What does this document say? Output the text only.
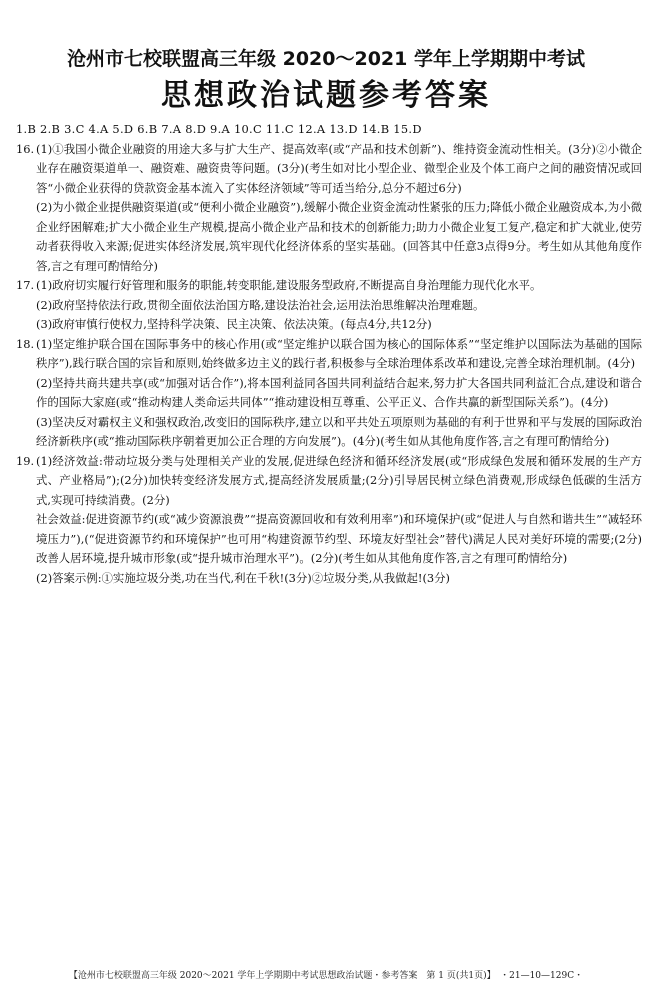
沧州市七校联盟高三年级 2020～2021 学年上学期期中考试
思想政治试题参考答案
1.B 2.B 3.C 4.A 5.D 6.B 7.A 8.D 9.A 10.C 11.C 12.A 13.D 14.B 15.D
16. (1)①我国小微企业融资的用途大多与扩大生产、提高效率(或“产品和技术创新”)、维持资金流动性相关。(3分)②小微企业存在融资渠道单一、融资难、融资贵等问题。(3分)(考生如对比小型企业、微型企业及个体工商户之间的融资情况或回答“小微企业获得的贷款资金基本流入了实体经济领域”等可适当给分,总分不超过6分)
(2)为小微企业提供融资渠道(或“便利小微企业融资”),缓解小微企业资金流动性紧张的压力;降低小微企业融资成本,为小微企业纾困解难;扩大小微企业生产规模,提高小微企业产品和技术的创新能力;助力小微企业复工复产,稳定和扩大就业,使劳动者获得收入来源;促进实体经济发展,筑牢现代化经济体系的坚实基础。(回答其中任意3点得9分。考生如从其他角度作答,言之有理可酌情给分)
17. (1)政府切实履行好管理和服务的职能,转变职能,建设服务型政府,不断提高自身治理能力现代化水平。
(2)政府坚持依法行政,贯彻全面依法治国方略,建设法治社会,运用法治思维解决治理难题。
(3)政府审慎行使权力,坚持科学决策、民主决策、依法决策。(每点4分,共12分)
18. (1)坚定维护联合国在国际事务中的核心作用(或“坚定维护以联合国为核心的国际体系”“坚定维护以国际法为基础的国际秩序”),践行联合国的宗旨和原则,始终做多边主义的践行者,积极参与全球治理体系改革和建设,完善全球治理机制。(4分)
(2)坚持共商共建共享(或“加强对话合作”),将本国利益同各国共同利益结合起来,努力扩大各国共同利益汇合点,建设和谐合作的国际大家庭(或“推动构建人类命运共同体”“推动建设相互尊重、公平正义、合作共赢的新型国际关系”)。(4分)
(3)坚决反对霸权主义和强权政治,改变旧的国际秩序,建立以和平共处五项原则为基础的有利于世界和平与发展的国际政治经济新秩序(或“推动国际秩序朝着更加公正合理的方向发展”)。(4分)(考生如从其他角度作答,言之有理可酌情给分)
19. (1)经济效益:带动垃圾分类与处理相关产业的发展,促进绿色经济和循环经济发展(或“形成绿色发展和循环发展的生产方式、产业格局”);(2分)加快转变经济发展方式,提高经济发展质量;(2分)引导居民树立绿色消费观,形成绿色低碳的生活方式,实现可持续消费。(2分)
社会效益:促进资源节约(或“减少资源浪费”“提高资源回收和有效利用率”)和环境保护(或“促进人与自然和谐共生”“减轻环境压力”),(“促进资源节约和环境保护”也可用“构建资源节约型、环境友好型社会”替代)满足人民对美好环境的需要;(2分)改善人居环境,提升城市形象(或“提升城市治理水平”)。(2分)(考生如从其他角度作答,言之有理可酌情给分)
(2)答案示例:①实施垃圾分类,功在当代,利在千秋!(3分)②垃圾分类,从我做起!(3分)
【沧州市七校联盟高三年级 2020～2021 学年上学期期中考试思想政治试题・参考答案　第 1 页(共1页)】　・21—10—129C・
